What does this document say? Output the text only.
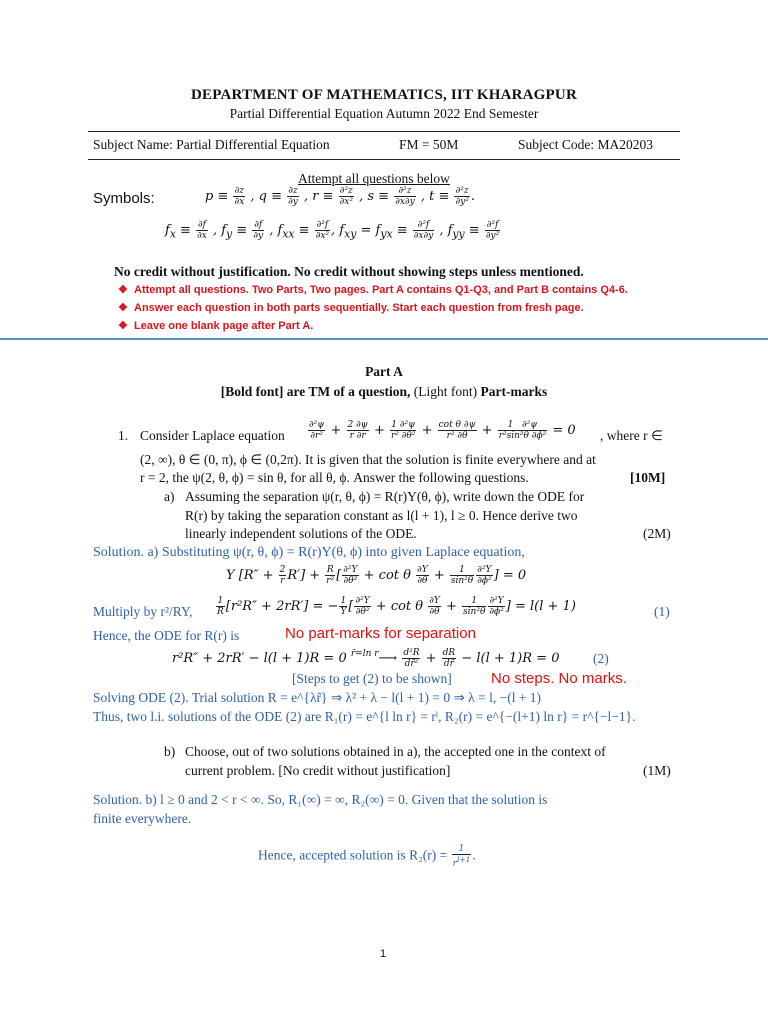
DEPARTMENT OF MATHEMATICS, IIT KHARAGPUR
Partial Differential Equation Autumn 2022 End Semester
Subject Name: Partial Differential Equation	FM = 50M	Subject Code: MA20203
Attempt all questions below
Symbols:	$p \equiv \frac{\partial z}{\partial x}$ , $q \equiv \frac{\partial z}{\partial y}$ , $r \equiv \frac{\text{∂²z}}{\text{∂x²}}$ , $s \equiv \frac{\text{∂²z}}{\partial x\partial y}$ , $t \equiv \frac{\text{∂²z}}{\text{∂y²}}$ .
$f_x \equiv \frac{\partial f}{\partial x}$ , $f_y \equiv \frac{\partial f}{\partial y}$ , $f_{xx} \equiv \frac{\text{∂²f}}{\text{∂x²}}$ , $f_{xy} = f_{yx} \equiv \frac{\text{∂²f}}{\partial x\partial y}$ , $f_{yy} \equiv \frac{\text{∂²f}}{\text{∂y²}}$
No credit without justification. No credit without showing steps unless mentioned.
❖ Attempt all questions. Two Parts, Two pages. Part A contains Q1-Q3, and Part B contains Q4-6.
❖ Answer each question in both parts sequentially. Start each question from fresh page.
❖ Leave one blank page after Part A.
Part A
[Bold font] are TM of a question, (Light font) Part-marks
1. Consider Laplace equation	$\frac{\text{∂²ψ}}{\text{∂r²}} + \frac{2 \partial\psi}{r \partial r} + \frac{\text{1 ∂²ψ}}{\text{r² ∂θ²}} + \frac{\text{cot θ ∂ψ}}{\text{r² ∂θ}} + \frac{\text{1   ∂²ψ}}{\text{r²sin²θ ∂ϕ²}} = 0$ , where r ∈
(2, ∞), θ ∈ (0, π), ϕ ∈ (0,2π). It is given that the solution is finite everywhere and at
r = 2, the ψ(2, θ, ϕ) = sin θ, for all θ, ϕ. Answer the following questions.	[10M]
a) Assuming the separation ψ(r, θ, ϕ) = R(r)Y(θ, ϕ), write down the ODE for
R(r) by taking the separation constant as l(l + 1), l ≥ 0. Hence derive two
linearly independent solutions of the ODE.	(2M)
Solution. a) Substituting ψ(r, θ, ϕ) = R(r)Y(θ, ϕ) into given Laplace equation,
Y $[R'' + \frac{2}{r} R'] + \frac{R}{\text{r²}}$ [ $\frac{\text{∂²Y}}{\text{∂θ²}} + \cot \theta \frac{\partial Y}{\partial\theta} + \frac{1}{\text{sin²θ}} \frac{\text{∂²Y}}{\text{∂ϕ²}}$ ] = 0
Multiply by r²/RY,	$\frac{1}{R} [r^2R'' + 2rR']$ = − $\frac{1}{Y}$ [ $\frac{\text{∂²Y}}{\text{∂θ²}} + \cot \theta \frac{\partial Y}{\partial\theta} + \frac{1}{\text{sin²θ}} \frac{\text{∂²Y}}{\text{∂ϕ²}}$ ] = l(l + 1)	(1)
Hence, the ODE for R(r) is	No part-marks for separation
r²R″ + 2rR′ − l(l + 1)R = 0 $^{r̃=ln r}$⟶ $\frac{\text{d²R}}{\text{dr̃²}} + \frac{dR}{dr̃} - l(l + 1)R = 0$ (2)
[Steps to get (2) to be shown]	No steps. No marks.
Solving ODE (2). Trial solution R = e^{λr̃} ⇒ λ² + λ − l(l + 1) = 0 ⇒ λ = l, −(l + 1)
Thus, two l.i. solutions of the ODE (2) are R₁(r) = e^{l ln r} = rˡ, R₂(r) = e^{−(l+1) ln r} = r^{−l−1}.
b) Choose, out of two solutions obtained in a), the accepted one in the context of
current problem. [No credit without justification]	(1M)
Solution. b) l ≥ 0 and 2 < r < ∞. So, R₁(∞) = ∞, R₂(∞) = 0. Given that the solution is
finite everywhere.
Hence, accepted solution is $R_2(r) = \frac{1}{r^{l+1}}$ .
1
